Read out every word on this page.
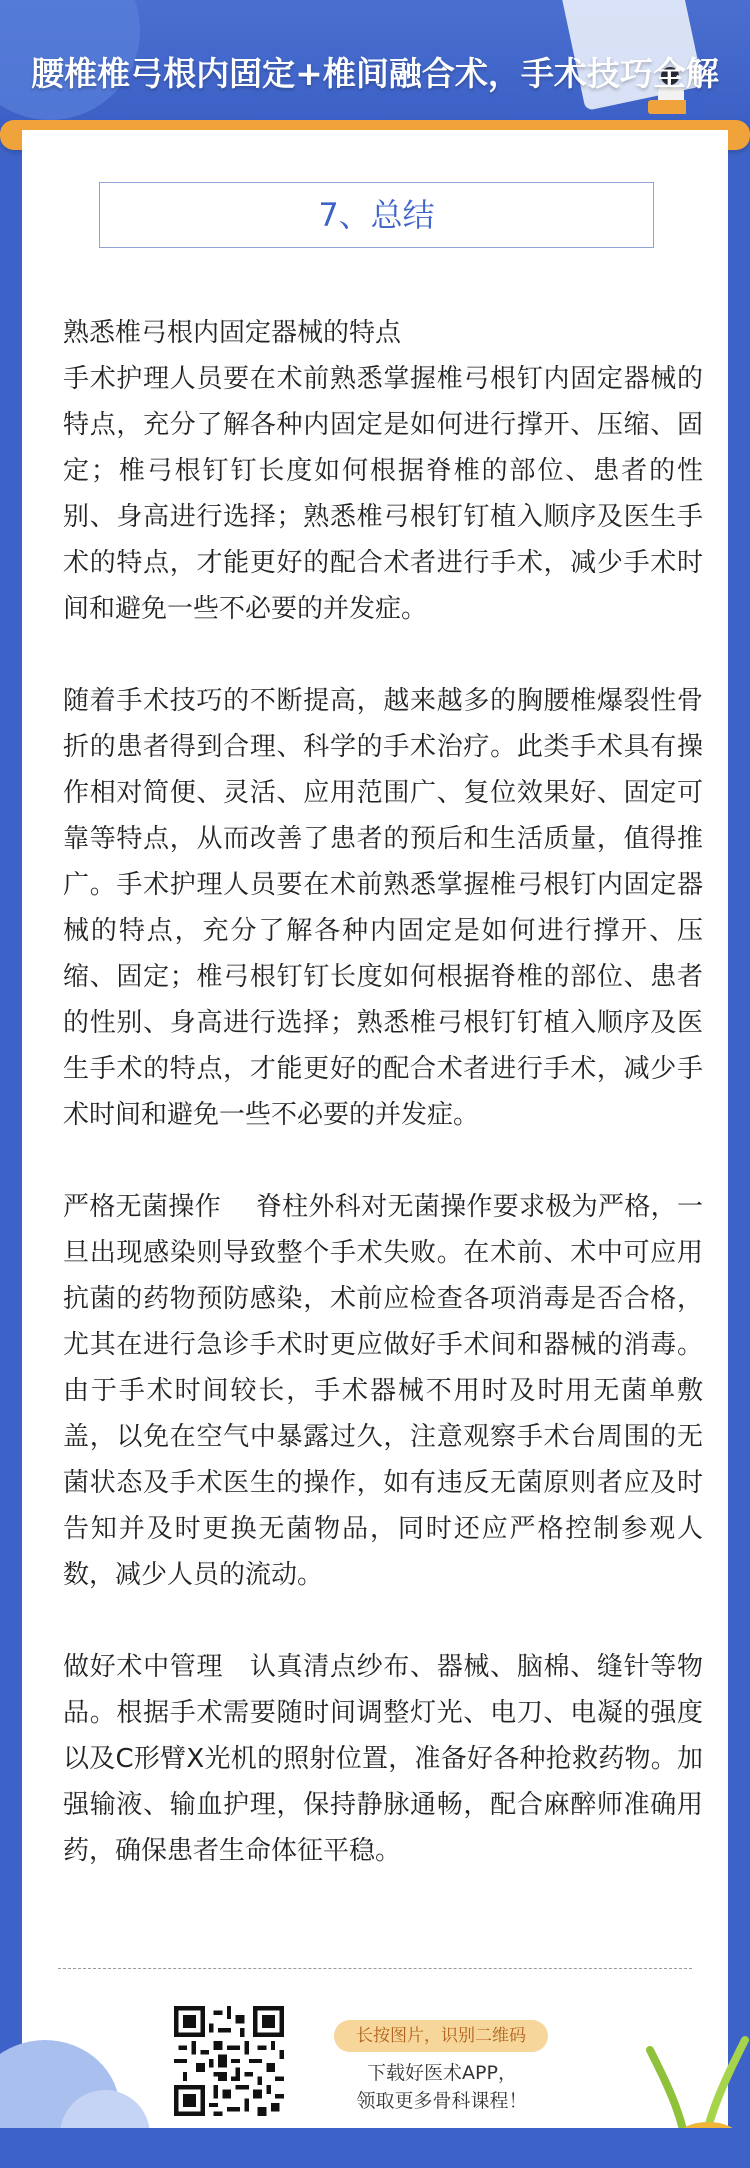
腰椎椎弓根内固定+椎间融合术，手术技巧全解
7、总结

熟悉椎弓根内固定器械的特点
手术护理人员要在术前熟悉掌握椎弓根钉内固定器械的特点，充分了解各种内固定是如何进行撑开、压缩、固定；椎弓根钉钉长度如何根据脊椎的部位、患者的性别、身高进行选择；熟悉椎弓根钉钉植入顺序及医生手术的特点，才能更好的配合术者进行手术，减少手术时间和避免一些不必要的并发症。

随着手术技巧的不断提高，越来越多的胸腰椎爆裂性骨折的患者得到合理、科学的手术治疗。此类手术具有操作相对简便、灵活、应用范围广、复位效果好、固定可靠等特点，从而改善了患者的预后和生活质量，值得推广。手术护理人员要在术前熟悉掌握椎弓根钉内固定器械的特点，充分了解各种内固定是如何进行撑开、压缩、固定；椎弓根钉钉长度如何根据脊椎的部位、患者的性别、身高进行选择；熟悉椎弓根钉钉植入顺序及医生手术的特点，才能更好的配合术者进行手术，减少手术时间和避免一些不必要的并发症。

严格无菌操作　 脊柱外科对无菌操作要求极为严格，一旦出现感染则导致整个手术失败。在术前、术中可应用抗菌的药物预防感染，术前应检查各项消毒是否合格，尤其在进行急诊手术时更应做好手术间和器械的消毒。由于手术时间较长，手术器械不用时及时用无菌单敷盖，以免在空气中暴露过久，注意观察手术台周围的无菌状态及手术医生的操作，如有违反无菌原则者应及时告知并及时更换无菌物品，同时还应严格控制参观人数，减少人员的流动。

做好术中管理　认真清点纱布、器械、脑棉、缝针等物品。根据手术需要随时间调整灯光、电刀、电凝的强度以及C形臂X光机的照射位置，准备好各种抢救药物。加强输液、输血护理，保持静脉通畅，配合麻醉师准确用药，确保患者生命体征平稳。

长按图片，识别二维码
下载好医术APP，
领取更多骨科课程！
